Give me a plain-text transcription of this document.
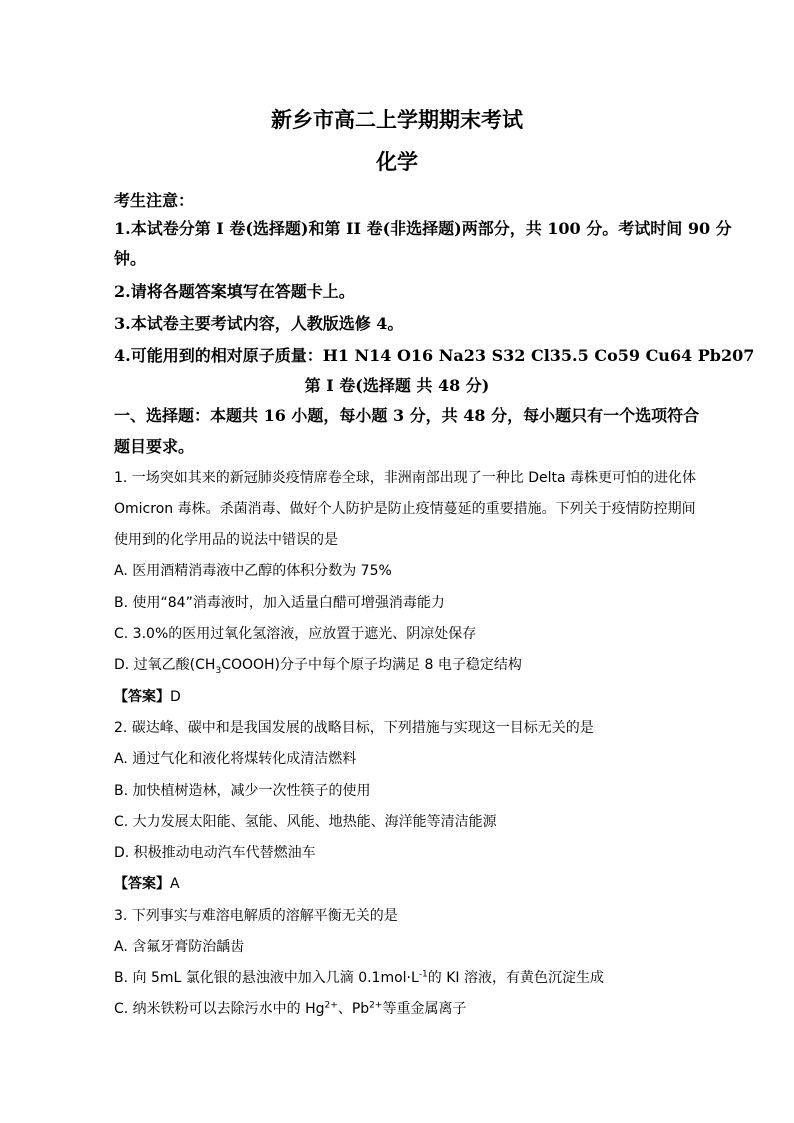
新乡市高二上学期期末考试
化学
考生注意：
1.本试卷分第 I 卷(选择题)和第 II 卷(非选择题)两部分，共 100 分。考试时间 90 分
钟。
2.请将各题答案填写在答题卡上。
3.本试卷主要考试内容，人教版选修 4。
4.可能用到的相对原子质量：H1 N14 O16 Na23 S32 Cl35.5 Co59 Cu64 Pb207
第 I 卷(选择题 共 48 分)
一、选择题：本题共 16 小题，每小题 3 分，共 48 分，每小题只有一个选项符合
题目要求。
1. 一场突如其来的新冠肺炎疫情席卷全球，非洲南部出现了一种比 Delta 毒株更可怕的进化体
Omicron 毒株。杀菌消毒、做好个人防护是防止疫情蔓延的重要措施。下列关于疫情防控期间
使用到的化学用品的说法中错误的是
A. 医用酒精消毒液中乙醇的体积分数为 75%
B. 使用“84”消毒液时，加入适量白醋可增强消毒能力
C. 3.0%的医用过氧化氢溶液，应放置于遮光、阴凉处保存
D. 过氧乙酸$(CH_3COOOH)$分子中每个原子均满足 8 电子稳定结构
【答案】D
2. 碳达峰、碳中和是我国发展的战略目标，下列措施与实现这一目标无关的是
A. 通过气化和液化将煤转化成清洁燃料
B. 加快植树造林，减少一次性筷子的使用
C. 大力发展太阳能、氢能、风能、地热能、海洋能等清洁能源
D. 积极推动电动汽车代替燃油车
【答案】A
3. 下列事实与难溶电解质的溶解平衡无关的是
A. 含氟牙膏防治龋齿
B. 向 5mL 氯化银的悬浊液中加入几滴 $0.1mol\cdot L^{-1}$的 KI 溶液，有黄色沉淀生成
C. 纳米铁粉可以去除污水中的 $Hg^{2+}$、$Pb^{2+}$等重金属离子
